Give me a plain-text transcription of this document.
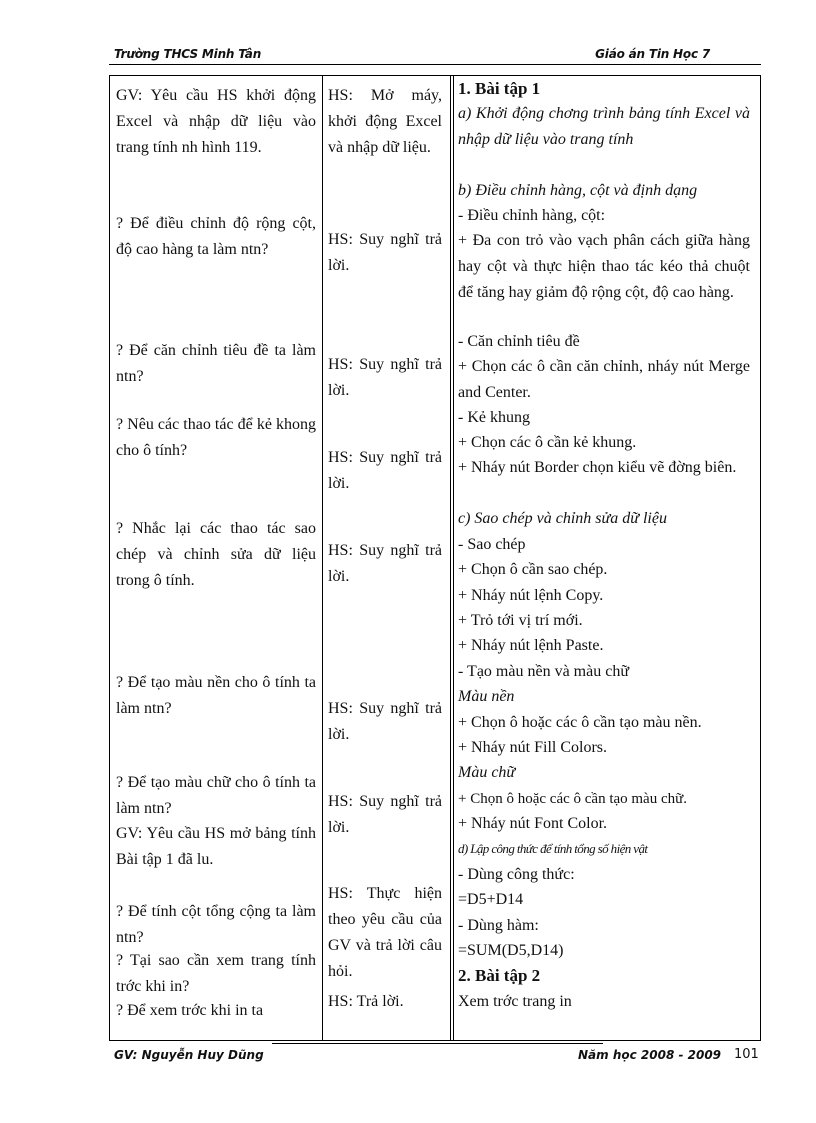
Trường THCS Minh Tân	Giáo án Tin Học 7
GV: Yêu cầu HS khởi động Excel và nhập dữ liệu vào trang tính nh hình 119.
? Để điều chỉnh độ rộng cột, độ cao hàng ta làm ntn?
? Để căn chỉnh tiêu đề ta làm ntn?
? Nêu các thao tác để kẻ khong cho ô tính?
? Nhắc lại các thao tác sao chép và chỉnh sửa dữ liệu trong ô tính.
? Để tạo màu nền cho ô tính ta làm ntn?
? Để tạo màu chữ cho ô tính ta làm ntn?
GV: Yêu cầu HS mở bảng tính Bài tập 1 đã lu.
? Để tính cột tổng cộng ta làm ntn?
? Tại sao cần xem trang tính trớc khi in?
? Để xem trớc khi in ta
HS: Mở máy, khởi động Excel và nhập dữ liệu.
HS: Suy nghĩ trả lời.
HS: Suy nghĩ trả lời.
HS: Suy nghĩ trả lời.
HS: Suy nghĩ trả lời.
HS: Suy nghĩ trả lời.
HS: Suy nghĩ trả lời.
HS: Thực hiện theo yêu cầu của GV và trả lời câu hỏi.
HS: Trả lời.
1. Bài tập 1
a) Khởi động chơng trình bảng tính Excel và nhập dữ liệu vào trang tính
b) Điều chỉnh hàng, cột và định dạng
- Điều chỉnh hàng, cột:
+ Đa con trỏ vào vạch phân cách giữa hàng hay cột và thực hiện thao tác kéo thả chuột để tăng hay giảm độ rộng cột, độ cao hàng.
- Căn chỉnh tiêu đề
+ Chọn các ô cần căn chỉnh, nháy nút Merge and Center.
- Kẻ khung
+ Chọn các ô cần kẻ khung.
+ Nháy nút Border chọn kiểu vẽ đờng biên.
c) Sao chép và chỉnh sửa dữ liệu
- Sao chép
+ Chọn ô cần sao chép.
+ Nháy nút lệnh Copy.
+ Trỏ tới vị trí mới.
+ Nháy nút lệnh Paste.
- Tạo màu nền và màu chữ
Màu nền
+ Chọn ô hoặc các ô cần tạo màu nền.
+ Nháy nút Fill Colors.
Màu chữ
+ Chọn ô hoặc các ô cần tạo màu chữ.
+ Nháy nút Font Color.
d) Lập công thức để tính tổng số hiện vật
- Dùng công thức:
=D5+D14
- Dùng hàm:
=SUM(D5,D14)
2. Bài tập 2
Xem trớc trang in
GV: Nguyễn Huy Dũng	Năm học 2008 - 2009 101
